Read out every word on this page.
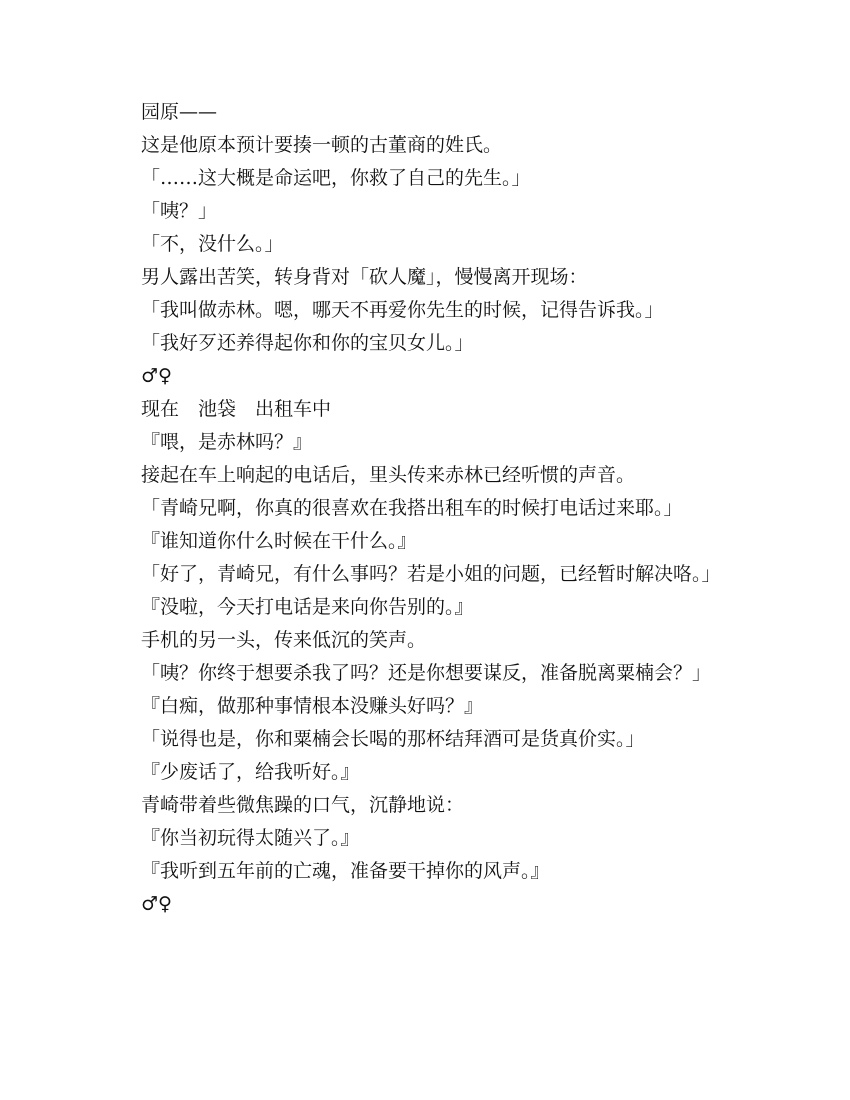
园原——

这是他原本预计要揍一顿的古董商的姓氏。

「……这大概是命运吧，你救了自己的先生。」

「咦？」

「不，没什么。」

男人露出苦笑，转身背对「砍人魔」，慢慢离开现场：

「我叫做赤林。嗯，哪天不再爱你先生的时候，记得告诉我。」

「我好歹还养得起你和你的宝贝女儿。」

♂♀

现在　池袋　出租车中

『喂，是赤林吗？』

接起在车上响起的电话后，里头传来赤林已经听惯的声音。

「青崎兄啊，你真的很喜欢在我搭出租车的时候打电话过来耶。」

『谁知道你什么时候在干什么。』

「好了，青崎兄，有什么事吗？若是小姐的问题，已经暂时解决咯。」

『没啦，今天打电话是来向你告别的。』

手机的另一头，传来低沉的笑声。

「咦？你终于想要杀我了吗？还是你想要谋反，准备脱离粟楠会？」

『白痴，做那种事情根本没赚头好吗？』

「说得也是，你和粟楠会长喝的那杯结拜酒可是货真价实。」

『少废话了，给我听好。』

青崎带着些微焦躁的口气，沉静地说：

『你当初玩得太随兴了。』

『我听到五年前的亡魂，准备要干掉你的风声。』

♂♀
